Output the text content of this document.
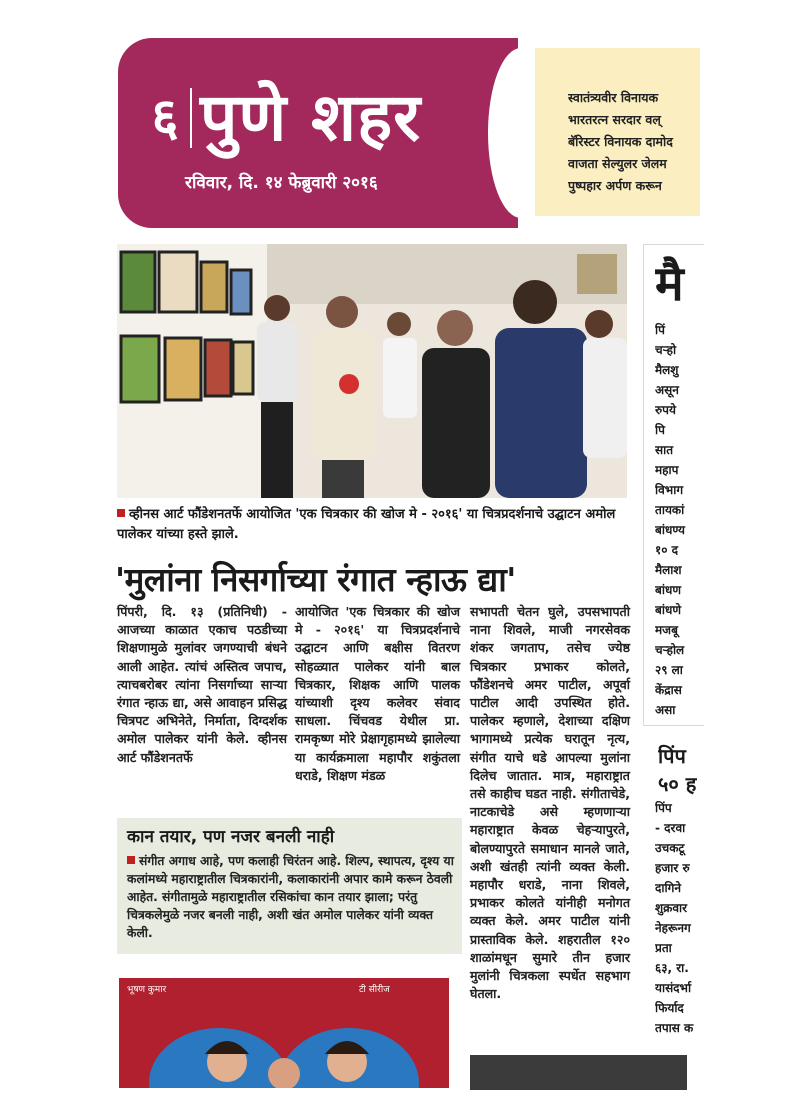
६ पुणे शहर
रविवार, दि. १४ फेब्रुवारी २०१६
स्वातंत्र्यवीर विनायक
भारतरत्न सरदार वल्
बॅरिस्टर विनायक दामोद
वाजता सेल्युलर जेलम
पुष्पहार अर्पण करून
व्हीनस आर्ट फौंडेशनतर्फे आयोजित 'एक चित्रकार की खोज मे - २०१६' या चित्रप्रदर्शनाचे उद्घाटन अमोल पालेकर यांच्या हस्ते झाले.
'मुलांना निसर्गाच्या रंगात न्हाऊ द्या'
पिंपरी, दि. १३ (प्रतिनिधी) - आजच्या काळात एकाच पठडीच्या शिक्षणामुळे मुलांवर जगण्याची बंधने आली आहेत. त्यांचं अस्तित्व जपाच, त्याचबरोबर त्यांना निसर्गाच्या साऱ्या रंगात न्हाऊ द्या, असे आवाहन प्रसिद्ध चित्रपट अभिनेते, निर्माता, दिग्दर्शक अमोल पालेकर यांनी केले. व्हीनस आर्ट फौंडेशनतर्फे
आयोजित 'एक चित्रकार की खोज मे - २०१६' या चित्रप्रदर्शनाचे उद्घाटन आणि बक्षीस वितरण सोहळ्यात पालेकर यांनी बाल चित्रकार, शिक्षक आणि पालक यांच्याशी दृश्य कलेवर संवाद साधला. चिंचवड येथील प्रा. रामकृष्ण मोरे प्रेक्षागृहामध्ये झालेल्या या कार्यक्रमाला महापौर शकुंतला धराडे, शिक्षण मंडळ
सभापती चेतन घुले, उपसभापती नाना शिवले, माजी नगरसेवक शंकर जगताप, तसेच ज्येष्ठ चित्रकार प्रभाकर कोलते, फौंडेशनचे अमर पाटील, अपूर्वा पाटील आदी उपस्थित होते. पालेकर म्हणाले, देशाच्या दक्षिण भागामध्ये प्रत्येक घरातून नृत्य, संगीत याचे धडे आपल्या मुलांना दिलेच जातात. मात्र, महाराष्ट्रात तसे काहीच घडत नाही. संगीताचेडे, नाटकाचेडे असे म्हणणाऱ्या महाराष्ट्रात केवळ चेहऱ्यापुरते, बोलण्यापुरते समाधान मानले जाते, अशी खंतही त्यांनी व्यक्त केली. महापौर धराडे, नाना शिवले, प्रभाकर कोलते यांनीही मनोगत व्यक्त केले. अमर पाटील यांनी प्रास्ताविक केले. शहरातील १२० शाळांमधून सुमारे तीन हजार मुलांनी चित्रकला स्पर्धेत सहभाग घेतला.
कान तयार, पण नजर बनली नाही
संगीत अगाध आहे, पण कलाही चिरंतन आहे. शिल्प, स्थापत्य, दृश्य या कलांमध्ये महाराष्ट्रातील चित्रकारांनी, कलाकारांनी अपार कामे करून ठेवली आहेत. संगीतामुळे महाराष्ट्रातील रसिकांचा कान तयार झाला; परंतु चित्रकलेमुळे नजर बनली नाही, अशी खंत अमोल पालेकर यांनी व्यक्त केली.
भूषण कुमार	टी सीरीज
मै
पिं
चऱ्हो
मैलशु
असून
रुपये
पि
सात
महाप
विभाग
तायकां
बांधण्य
१० द
मैलाश
बांधण
बांधणे
मजबू
चऱ्होल
२९ ला
केंद्रास
असा
पिंप
५० ह
पिंप
- दरवा
उचकटू
हजार रु
दागिने
शुक्रवार
नेहरूनग
प्रता
६३, रा.
यासंदर्भा
फिर्याद
तपास क
